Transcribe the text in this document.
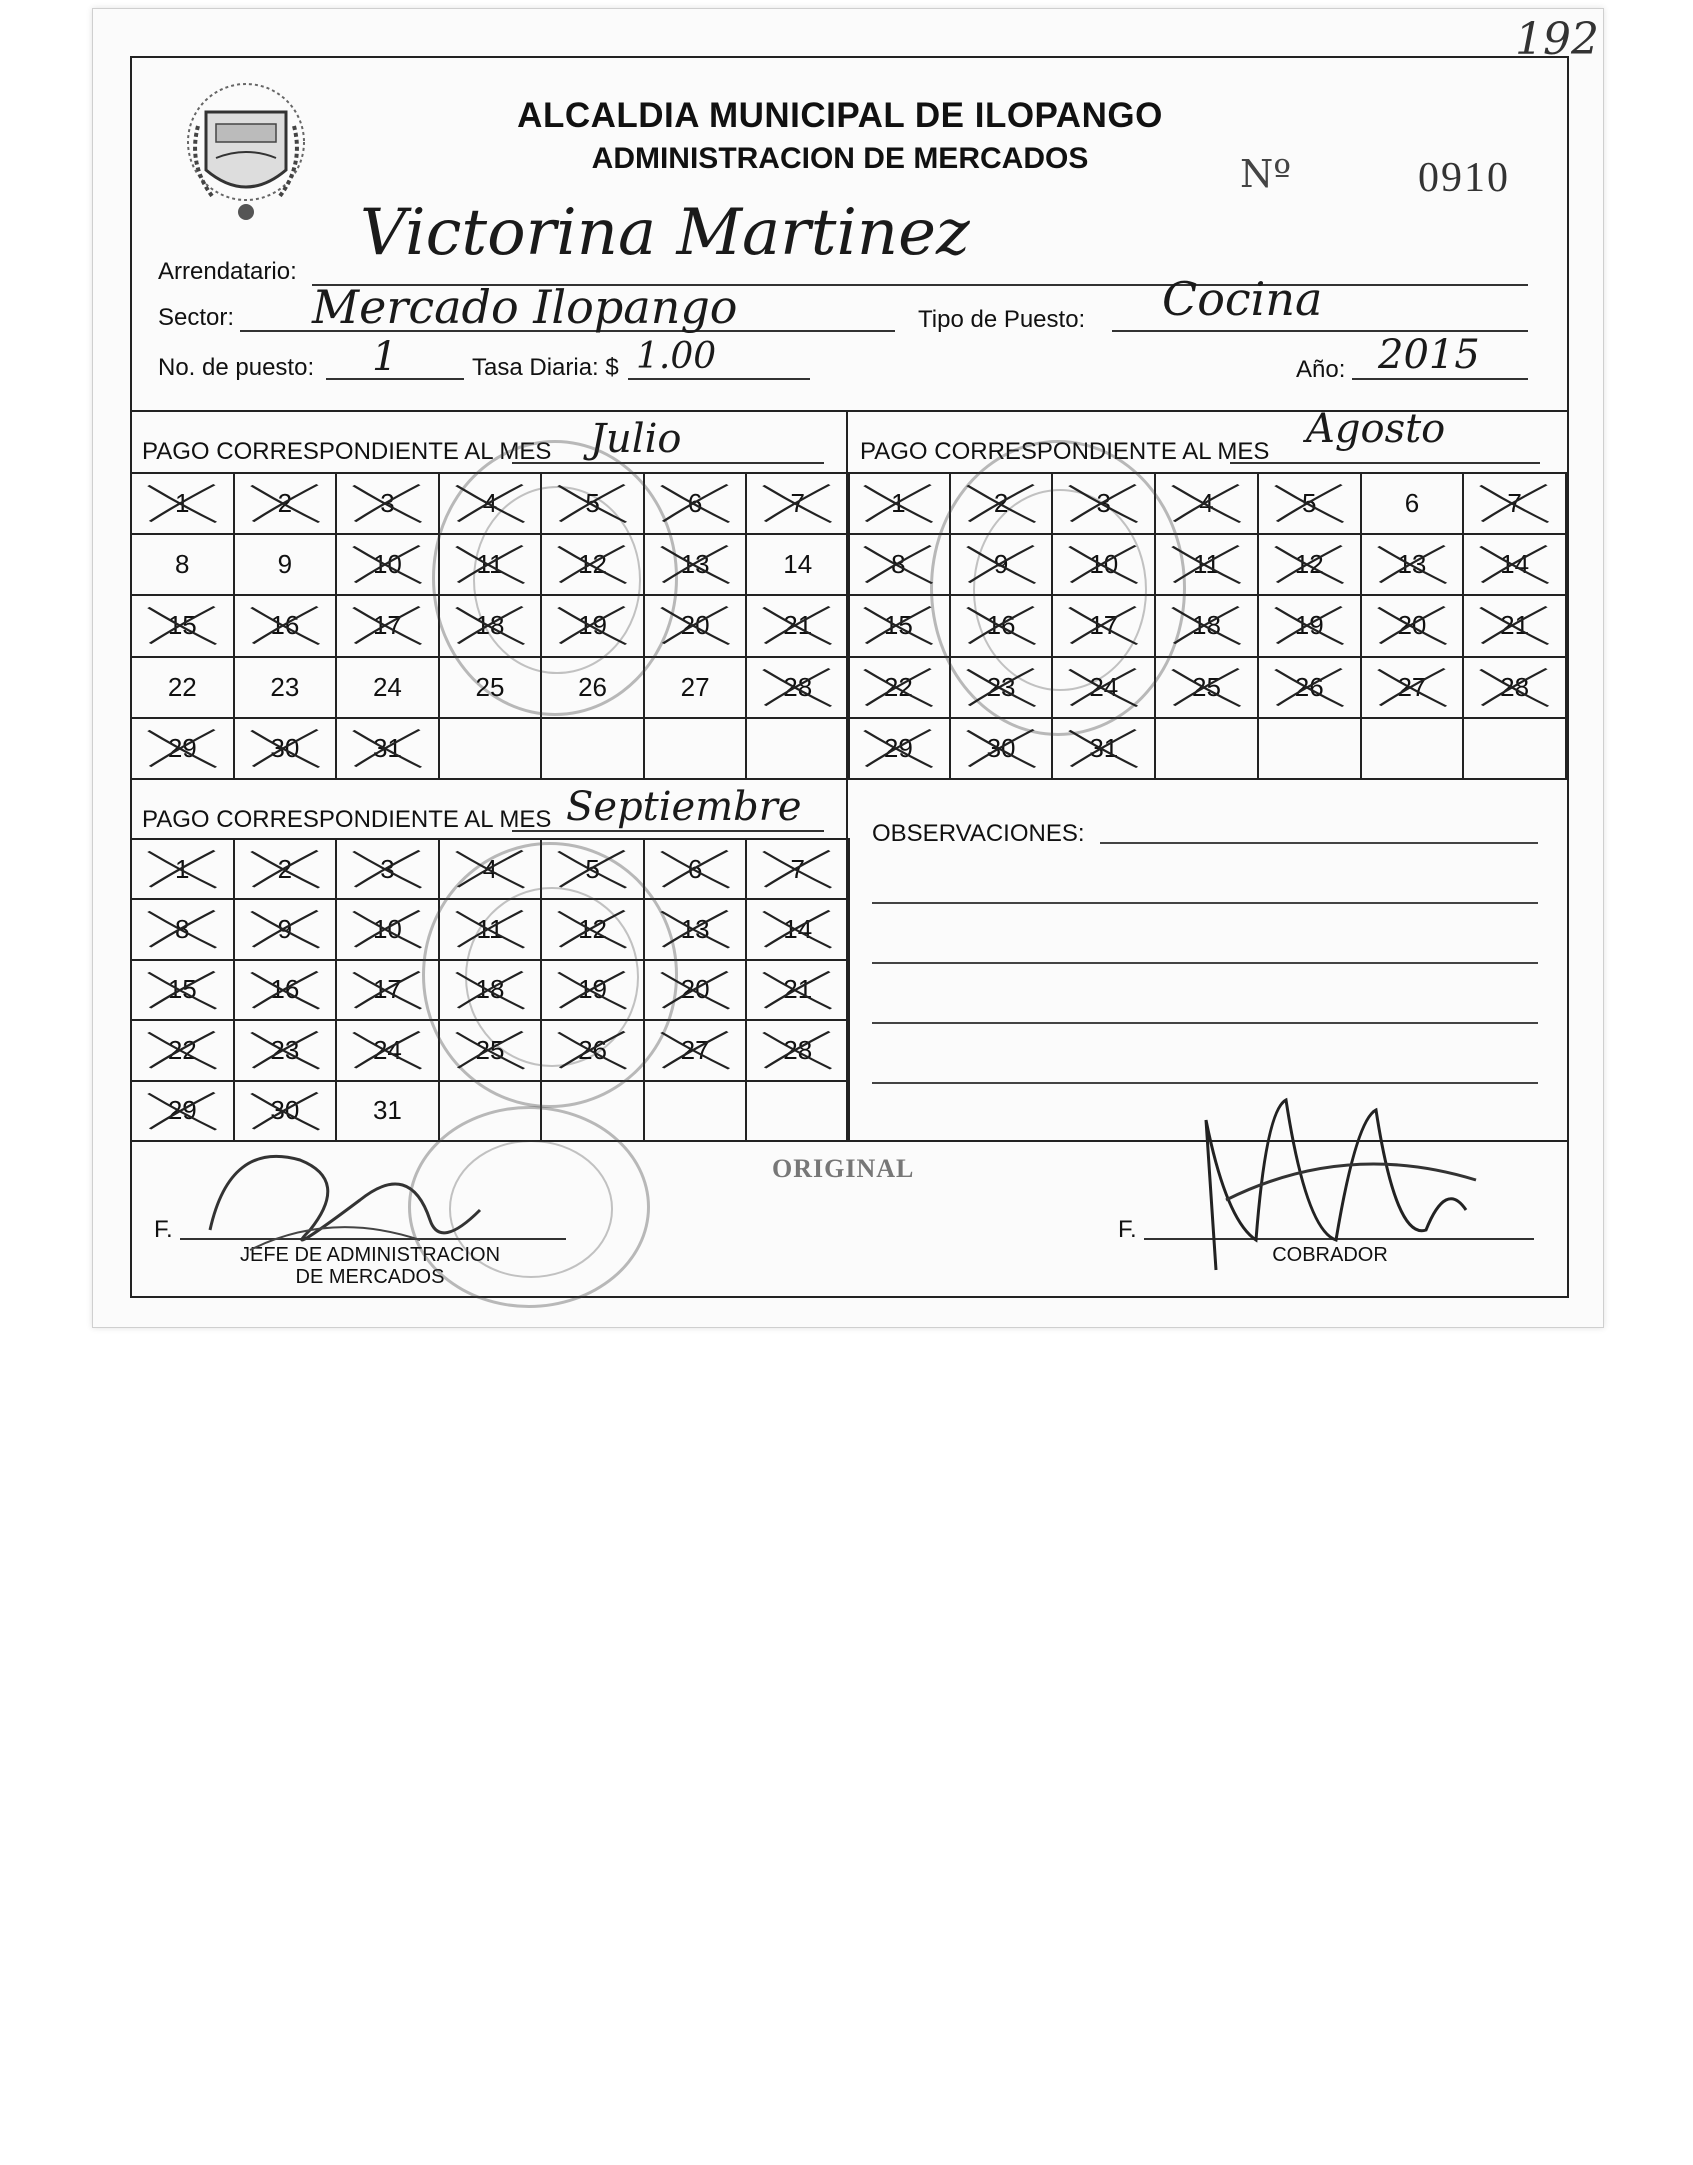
192
ALCALDIA MUNICIPAL DE ILOPANGO
ADMINISTRACION DE MERCADOS	Nº	0910
Arrendatario:
Victorina Martinez
Sector: Mercado Ilopango	Tipo de Puesto: Cocina
No. de puesto: 1	Tasa Diaria: $ 1.00	Año: 2015
PAGO CORRESPONDIENTE AL MES Julio
1	2	3	4	5	6	7
8	9	10	11	12	13	14
15	16	17	18	19	20	21
22	23	24	25	26	27	28
29	30	31
PAGO CORRESPONDIENTE AL MES Agosto
1	2	3	4	5	6	7
8	9	10	11	12	13	14
15	16	17	18	19	20	21
22	23	24	25	26	27	28
29	30	31
PAGO CORRESPONDIENTE AL MES Septiembre
1	2	3	4	5	6	7
8	9	10	11	12	13	14
15	16	17	18	19	20	21
22	23	24	25	26	27	28
29	30	31
OBSERVACIONES:
ORIGINAL
F.
JEFE DE ADMINISTRACION
DE MERCADOS
F.
COBRADOR
